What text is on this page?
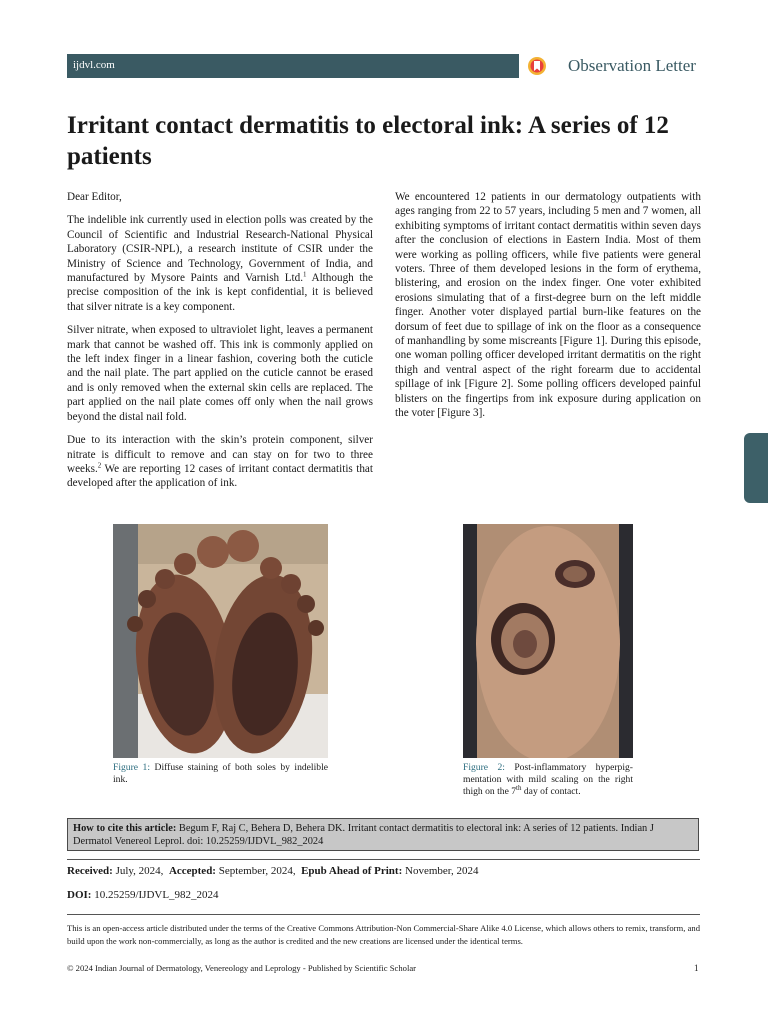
ijdvl.com	Observation Letter
Irritant contact dermatitis to electoral ink: A series of 12 patients

Dear Editor,

The indelible ink currently used in election polls was created by the Council of Scientific and Industrial Research-National Physical Laboratory (CSIR-NPL), a research institute of CSIR under the Ministry of Science and Technology, Government of India, and manufactured by Mysore Paints and Varnish Ltd.$^1$ Although the precise composition of the ink is kept confidential, it is believed that silver nitrate is a key component.

Silver nitrate, when exposed to ultraviolet light, leaves a permanent mark that cannot be washed off. This ink is commonly applied on the left index finger in a linear fashion, covering both the cuticle and the nail plate. The part applied on the cuticle cannot be erased and is only removed when the external skin cells are replaced. The part applied on the nail plate comes off only when the nail grows beyond the distal nail fold.

Due to its interaction with the skin’s protein component, silver nitrate is difficult to remove and can stay on for two to three weeks.$^2$ We are reporting 12 cases of irritant contact dermatitis that developed after the application of ink.

We encountered 12 patients in our dermatology outpatients with ages ranging from 22 to 57 years, including 5 men and 7 women, all exhibiting symptoms of irritant contact dermatitis within seven days after the conclusion of elections in Eastern India. Most of them were working as polling officers, while five patients were general voters. Three of them developed lesions in the form of erythema, blistering, and erosion on the index finger. One voter exhibited erosions simulating that of a first-degree burn on the left middle finger. Another voter displayed partial burn-like features on the dorsum of feet due to spillage of ink on the floor as a consequence of manhandling by some miscreants [Figure 1]. During this episode, one woman polling officer developed irritant dermatitis on the right thigh and ventral aspect of the right forearm due to accidental spillage of ink [Figure 2]. Some polling officers developed painful blisters on the fingertips from ink exposure during application on the voter [Figure 3].

Figure 1: Diffuse staining of both soles by indelible ink.
Figure 2: Post-inflammatory hyperpig-mentation with mild scaling on the right thigh on the 7th day of contact.
How to cite this article: Begum F, Raj C, Behera D, Behera DK. Irritant contact dermatitis to electoral ink: A series of 12 patients. Indian J Dermatol Venereol Leprol. doi: 10.25259/IJDVL_982_2024
Received: July, 2024, Accepted: September, 2024, Epub Ahead of Print: November, 2024
DOI: 10.25259/IJDVL_982_2024
This is an open-access article distributed under the terms of the Creative Commons Attribution-Non Commercial-Share Alike 4.0 License, which allows others to remix, transform, and build upon the work non-commercially, as long as the author is credited and the new creations are licensed under the identical terms.
© 2024 Indian Journal of Dermatology, Venereology and Leprology - Published by Scientific Scholar	1
